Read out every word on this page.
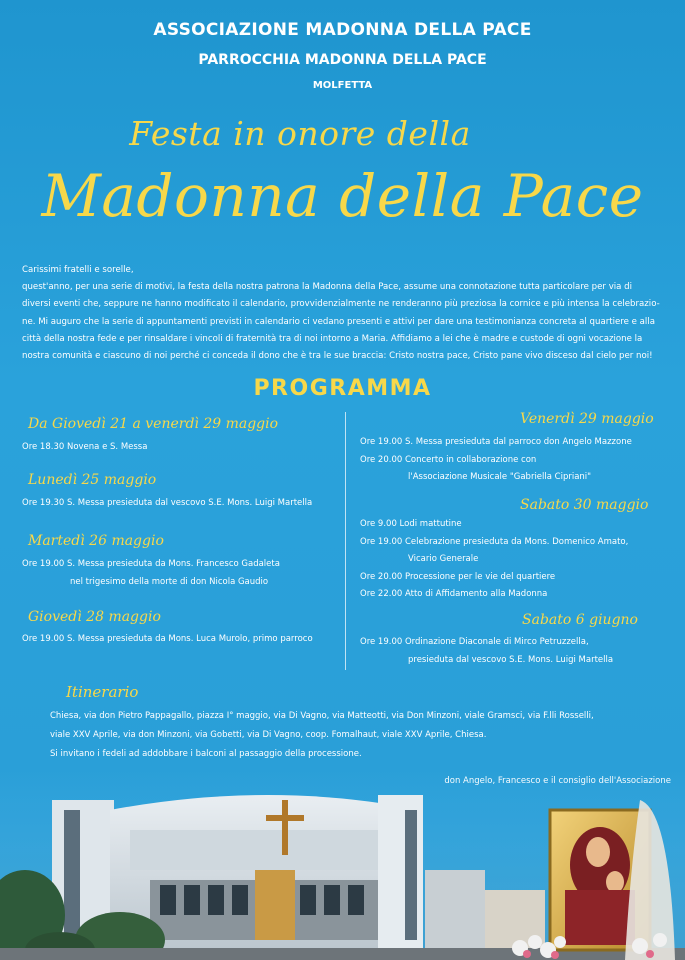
ASSOCIAZIONE MADONNA DELLA PACE
PARROCCHIA MADONNA DELLA PACE
MOLFETTA
Festa in onore della
Madonna della Pace

Carissimi fratelli e sorelle,

quest'anno, per una serie di motivi, la festa della nostra patrona la Madonna della Pace, assume una connotazione tutta particolare per via di

diversi eventi che, seppure ne hanno modificato il calendario, provvidenzialmente ne renderanno più preziosa la cornice e più intensa la celebrazio-

ne. Mi auguro che la serie di appuntamenti previsti in calendario ci vedano presenti e attivi per dare una testimonianza concreta al quartiere e alla

città della nostra fede e per rinsaldare i vincoli di fraternità tra di noi intorno a Maria. Affidiamo a lei che è madre e custode di ogni vocazione la

nostra comunità e ciascuno di noi perché ci conceda il dono che è tra le sue braccia: Cristo nostra pace, Cristo pane vivo disceso dal cielo per noi!

PROGRAMMA
Da Giovedì 21 a venerdì 29 maggio
Ore 18.30 Novena e S. Messa
Lunedì 25 maggio
Ore 19.30 S. Messa presieduta dal vescovo S.E. Mons. Luigi Martella
Martedì 26 maggio
Ore 19.00 S. Messa presieduta da Mons. Francesco Gadaleta
nel trigesimo della morte di don Nicola Gaudio
Giovedì 28 maggio
Ore 19.00 S. Messa presieduta da Mons. Luca Murolo, primo parroco
Venerdì 29 maggio
Ore 19.00 S. Messa presieduta dal parroco don Angelo Mazzone
Ore 20.00 Concerto in collaborazione con
l'Associazione Musicale "Gabriella Cipriani"
Sabato 30 maggio
Ore 9.00 Lodi mattutine
Ore 19.00 Celebrazione presieduta da Mons. Domenico Amato,
Vicario Generale
Ore 20.00 Processione per le vie del quartiere
Ore 22.00 Atto di Affidamento alla Madonna
Sabato 6 giugno
Ore 19.00 Ordinazione Diaconale di Mirco Petruzzella,
presieduta dal vescovo S.E. Mons. Luigi Martella
Itinerario
Chiesa, via don Pietro Pappagallo, piazza I° maggio, via Di Vagno, via Matteotti, via Don Minzoni, viale Gramsci, via F.lli Rosselli,
viale XXV Aprile, via don Minzoni, via Gobetti, via Di Vagno, coop. Fomalhaut, viale XXV Aprile, Chiesa.
Si invitano i fedeli ad addobbare i balconi al passaggio della processione.
